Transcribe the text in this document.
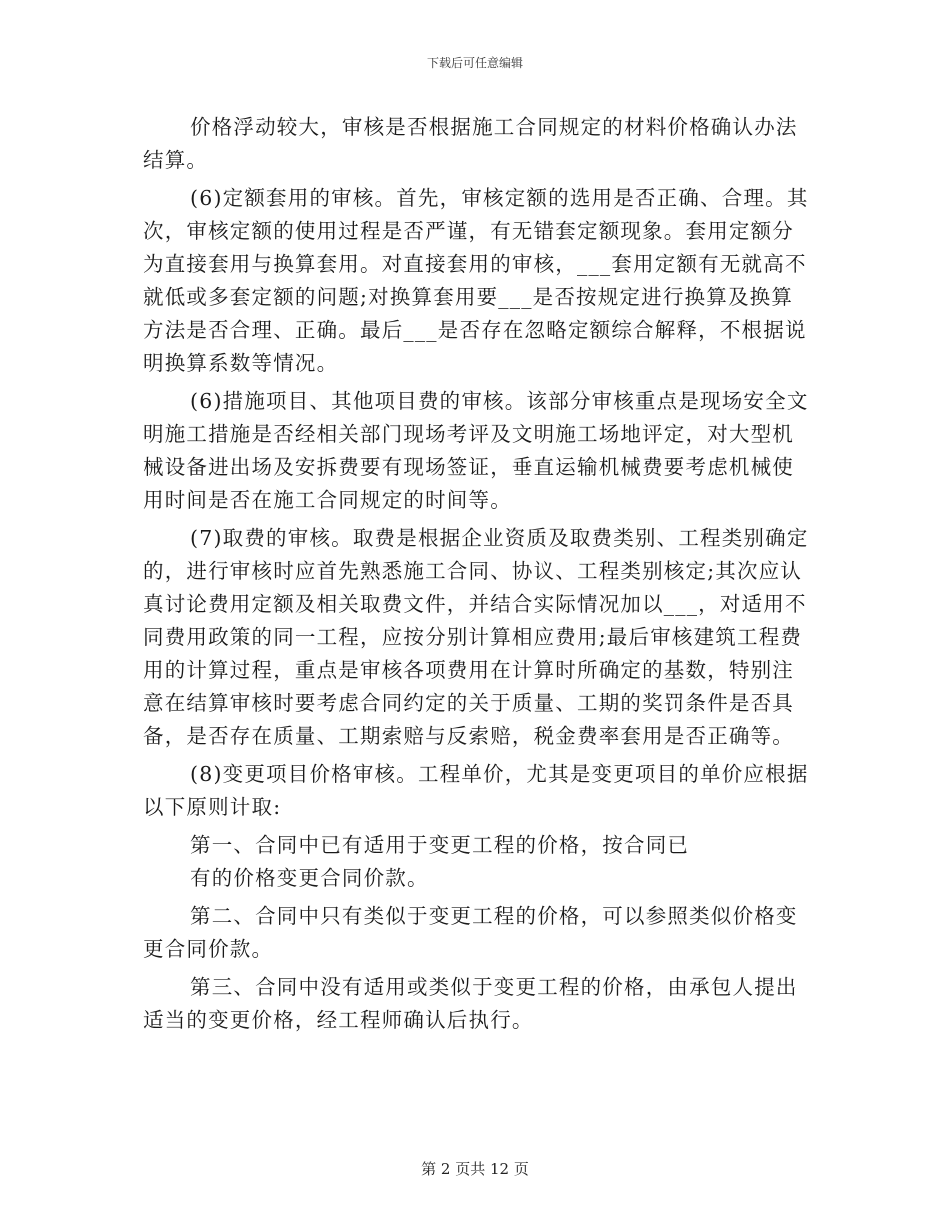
下载后可任意编辑
价格浮动较大，审核是否根据施工合同规定的材料价格确认办法
结算。
(6)定额套用的审核。首先，审核定额的选用是否正确、合理。其
次，审核定额的使用过程是否严谨，有无错套定额现象。套用定额分
为直接套用与换算套用。对直接套用的审核，___套用定额有无就高不
就低或多套定额的问题;对换算套用要___是否按规定进行换算及换算
方法是否合理、正确。最后___是否存在忽略定额综合解释，不根据说
明换算系数等情况。
(6)措施项目、其他项目费的审核。该部分审核重点是现场安全文
明施工措施是否经相关部门现场考评及文明施工场地评定，对大型机
械设备进出场及安拆费要有现场签证，垂直运输机械费要考虑机械使
用时间是否在施工合同规定的时间等。
(7)取费的审核。取费是根据企业资质及取费类别、工程类别确定
的，进行审核时应首先熟悉施工合同、协议、工程类别核定;其次应认
真讨论费用定额及相关取费文件，并结合实际情况加以___，对适用不
同费用政策的同一工程，应按分别计算相应费用;最后审核建筑工程费
用的计算过程，重点是审核各项费用在计算时所确定的基数，特别注
意在结算审核时要考虑合同约定的关于质量、工期的奖罚条件是否具
备，是否存在质量、工期索赔与反索赔，税金费率套用是否正确等。
(8)变更项目价格审核。工程单价，尤其是变更项目的单价应根据
以下原则计取:
第一、合同中已有适用于变更工程的价格，按合同已
有的价格变更合同价款。
第二、合同中只有类似于变更工程的价格，可以参照类似价格变
更合同价款。
第三、合同中没有适用或类似于变更工程的价格，由承包人提出
适当的变更价格，经工程师确认后执行。
第 2 页共 12 页
